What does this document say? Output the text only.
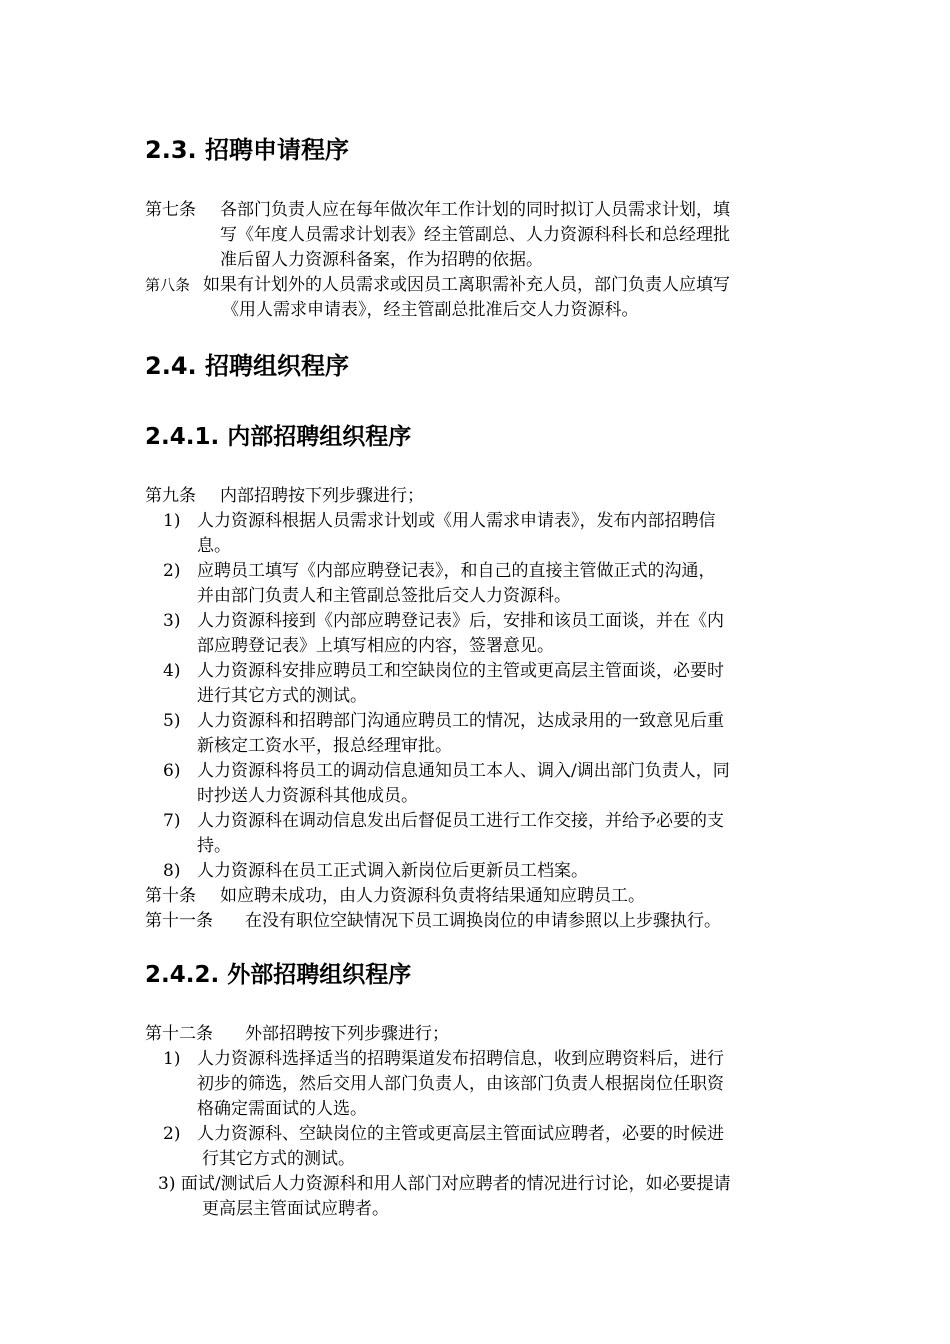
2.3. 招聘申请程序
第七条 各部门负责人应在每年做次年工作计划的同时拟订人员需求计划，填
写《年度人员需求计划表》经主管副总、人力资源科科长和总经理批
准后留人力资源科备案，作为招聘的依据。
第八条 如果有计划外的人员需求或因员工离职需补充人员，部门负责人应填写
《用人需求申请表》，经主管副总批准后交人力资源科。
2.4. 招聘组织程序
2.4.1. 内部招聘组织程序
第九条 内部招聘按下列步骤进行；
1) 人力资源科根据人员需求计划或《用人需求申请表》，发布内部招聘信
息。
2) 应聘员工填写《内部应聘登记表》，和自己的直接主管做正式的沟通，
并由部门负责人和主管副总签批后交人力资源科。
3) 人力资源科接到《内部应聘登记表》后，安排和该员工面谈，并在《内
部应聘登记表》上填写相应的内容，签署意见。
4) 人力资源科安排应聘员工和空缺岗位的主管或更高层主管面谈，必要时
进行其它方式的测试。
5) 人力资源科和招聘部门沟通应聘员工的情况，达成录用的一致意见后重
新核定工资水平，报总经理审批。
6) 人力资源科将员工的调动信息通知员工本人、调入/调出部门负责人，同
时抄送人力资源科其他成员。
7) 人力资源科在调动信息发出后督促员工进行工作交接，并给予必要的支
持。
8) 人力资源科在员工正式调入新岗位后更新员工档案。
第十条 如应聘未成功，由人力资源科负责将结果通知应聘员工。
第十一条 在没有职位空缺情况下员工调换岗位的申请参照以上步骤执行。
2.4.2. 外部招聘组织程序
第十二条 外部招聘按下列步骤进行；
1) 人力资源科选择适当的招聘渠道发布招聘信息，收到应聘资料后，进行
初步的筛选，然后交用人部门负责人，由该部门负责人根据岗位任职资
格确定需面试的人选。
2) 人力资源科、空缺岗位的主管或更高层主管面试应聘者，必要的时候进
行其它方式的测试。
3) 面试/测试后人力资源科和用人部门对应聘者的情况进行讨论，如必要提请
更高层主管面试应聘者。
